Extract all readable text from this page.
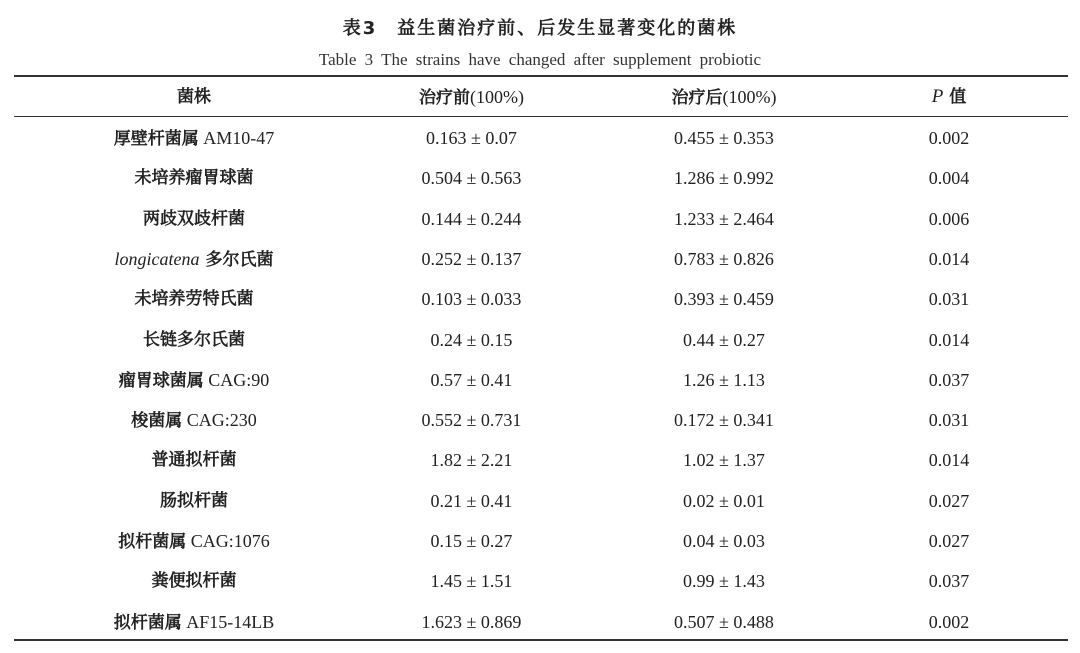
表3　益生菌治疗前、后发生显著变化的菌株
Table 3 The strains have changed after supplement probiotic
菌株	治疗前(100%)	治疗后(100%)	P 值
厚壁杆菌属 AM10-47	0.163 ± 0.07	0.455 ± 0.353	0.002
未培养瘤胃球菌	0.504 ± 0.563	1.286 ± 0.992	0.004
两歧双歧杆菌	0.144 ± 0.244	1.233 ± 2.464	0.006
longicatena 多尔氏菌	0.252 ± 0.137	0.783 ± 0.826	0.014
未培养劳特氏菌	0.103 ± 0.033	0.393 ± 0.459	0.031
长链多尔氏菌	0.24 ± 0.15	0.44 ± 0.27	0.014
瘤胃球菌属 CAG:90	0.57 ± 0.41	1.26 ± 1.13	0.037
梭菌属 CAG:230	0.552 ± 0.731	0.172 ± 0.341	0.031
普通拟杆菌	1.82 ± 2.21	1.02 ± 1.37	0.014
肠拟杆菌	0.21 ± 0.41	0.02 ± 0.01	0.027
拟杆菌属 CAG:1076	0.15 ± 0.27	0.04 ± 0.03	0.027
粪便拟杆菌	1.45 ± 1.51	0.99 ± 1.43	0.037
拟杆菌属 AF15-14LB	1.623 ± 0.869	0.507 ± 0.488	0.002
